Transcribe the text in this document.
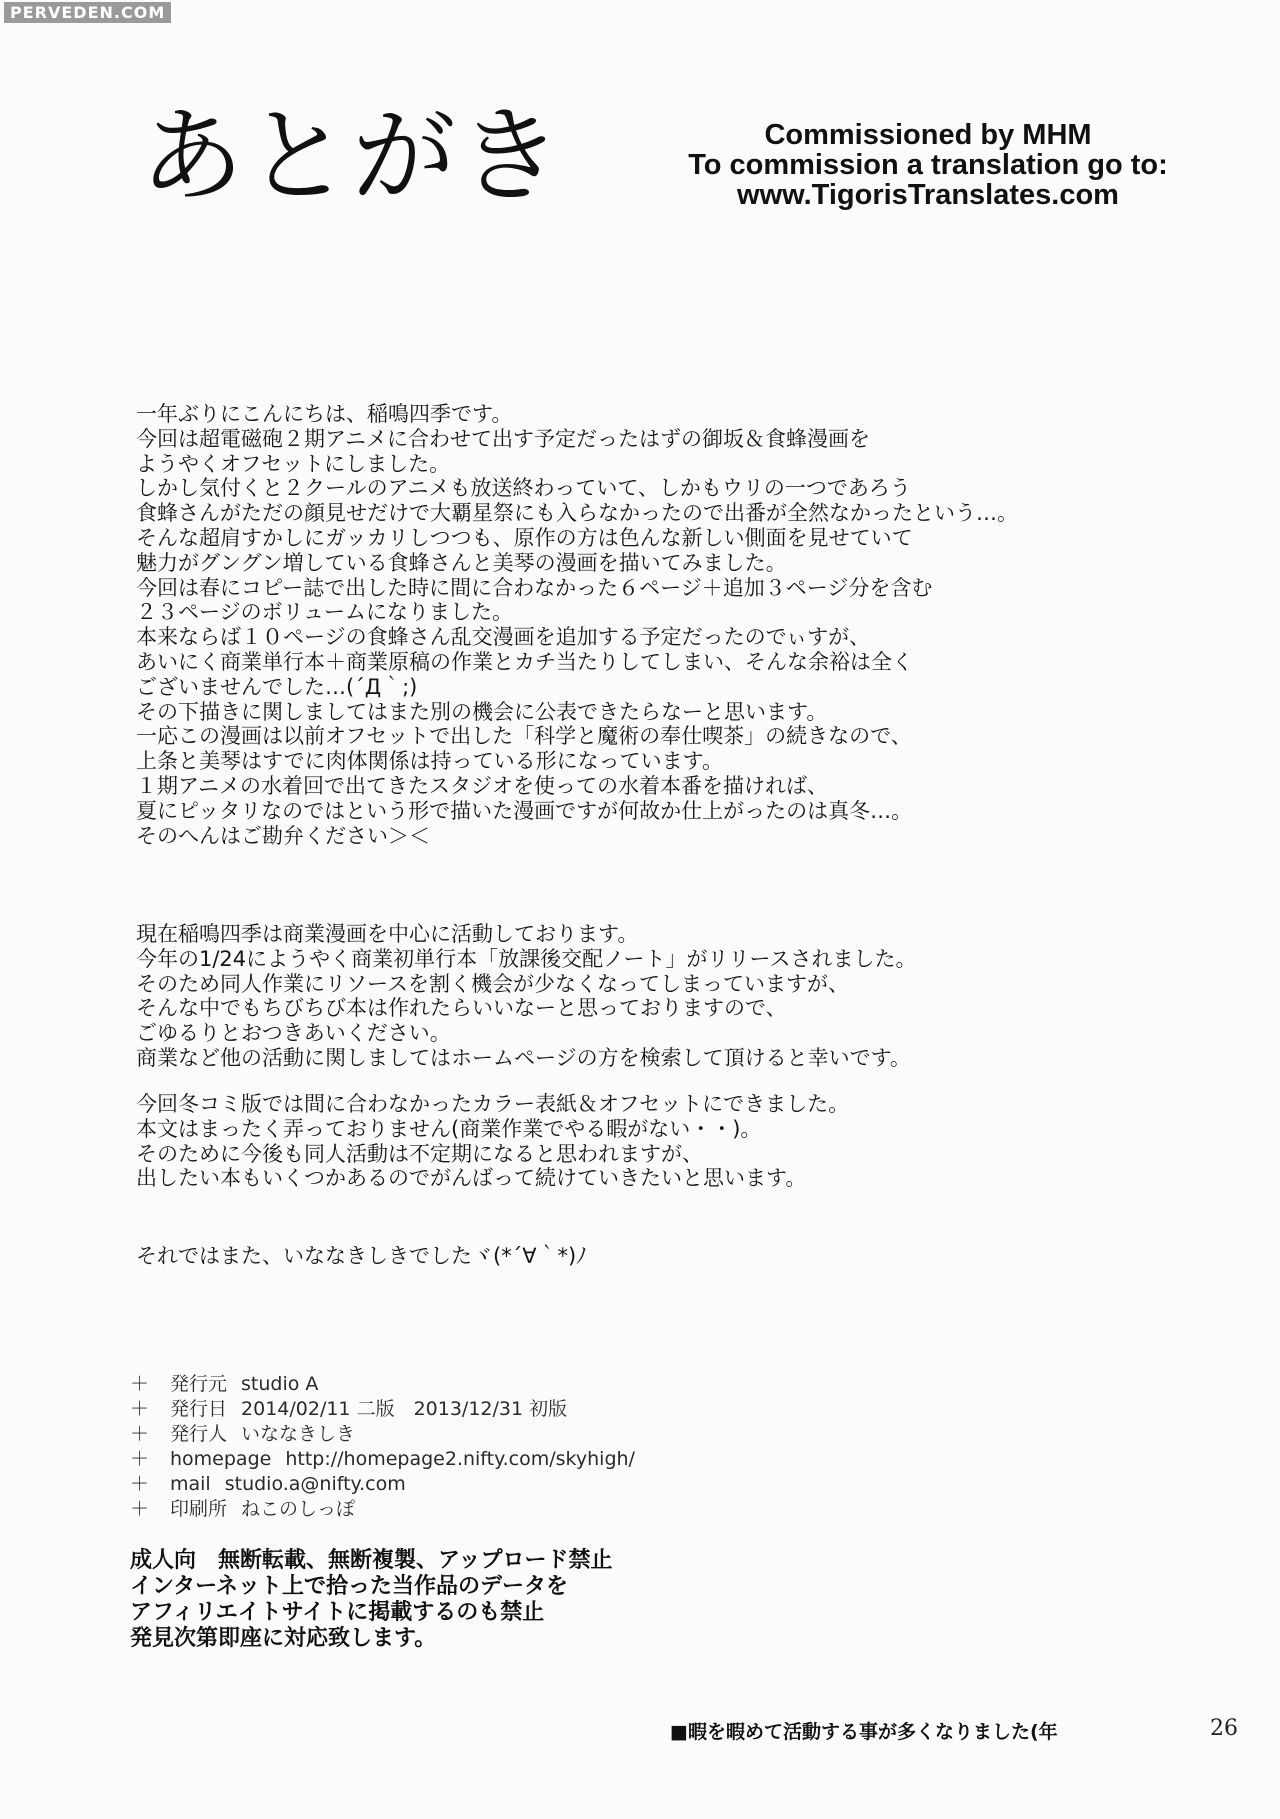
PERVEDEN.COM
あとがき	Commissioned by MHM
To commission a translation go to:
www.TigorisTranslates.com
一年ぶりにこんにちは、稲鳴四季です。
今回は超電磁砲２期アニメに合わせて出す予定だったはずの御坂＆食蜂漫画を
ようやくオフセットにしました。
しかし気付くと２クールのアニメも放送終わっていて、しかもウリの一つであろう
食蜂さんがただの顔見せだけで大覇星祭にも入らなかったので出番が全然なかったという…。
そんな超肩すかしにガッカリしつつも、原作の方は色んな新しい側面を見せていて
魅力がグングン増している食蜂さんと美琴の漫画を描いてみました。
今回は春にコピー誌で出した時に間に合わなかった６ページ＋追加３ページ分を含む
２３ページのボリュームになりました。
本来ならば１０ページの食蜂さん乱交漫画を追加する予定だったのでぃすが、
あいにく商業単行本＋商業原稿の作業とカチ当たりしてしまい、そんな余裕は全く
ございませんでした…(´Д｀;)
その下描きに関しましてはまた別の機会に公表できたらなーと思います。
一応この漫画は以前オフセットで出した「科学と魔術の奉仕喫茶」の続きなので、
上条と美琴はすでに肉体関係は持っている形になっています。
１期アニメの水着回で出てきたスタジオを使っての水着本番を描ければ、
夏にピッタリなのではという形で描いた漫画ですが何故か仕上がったのは真冬…。
そのへんはご勘弁ください＞＜
現在稲鳴四季は商業漫画を中心に活動しております。
今年の1/24にようやく商業初単行本「放課後交配ノート」がリリースされました。
そのため同人作業にリソースを割く機会が少なくなってしまっていますが、
そんな中でもちびちび本は作れたらいいなーと思っておりますので、
ごゆるりとおつきあいください。
商業など他の活動に関しましてはホームページの方を検索して頂けると幸いです。
今回冬コミ版では間に合わなかったカラー表紙＆オフセットにできました。
本文はまったく弄っておりません(商業作業でやる暇がない・・)。
そのために今後も同人活動は不定期になると思われますが、
出したい本もいくつかあるのでがんばって続けていきたいと思います。
それではまた、いななきしきでしたヾ(*´∀｀*)ﾉ
＋ 発行元 studio A
＋ 発行日 2014/02/11 二版　2013/12/31 初版
＋ 発行人 いななきしき
＋ homepage http://homepage2.nifty.com/skyhigh/
＋ mail studio.a@nifty.com
＋ 印刷所 ねこのしっぽ
成人向　無断転載、無断複製、アップロード禁止
インターネット上で拾った当作品のデータを
アフィリエイトサイトに掲載するのも禁止
発見次第即座に対応致します。
■暇を暇めて活動する事が多くなりました(年	26
